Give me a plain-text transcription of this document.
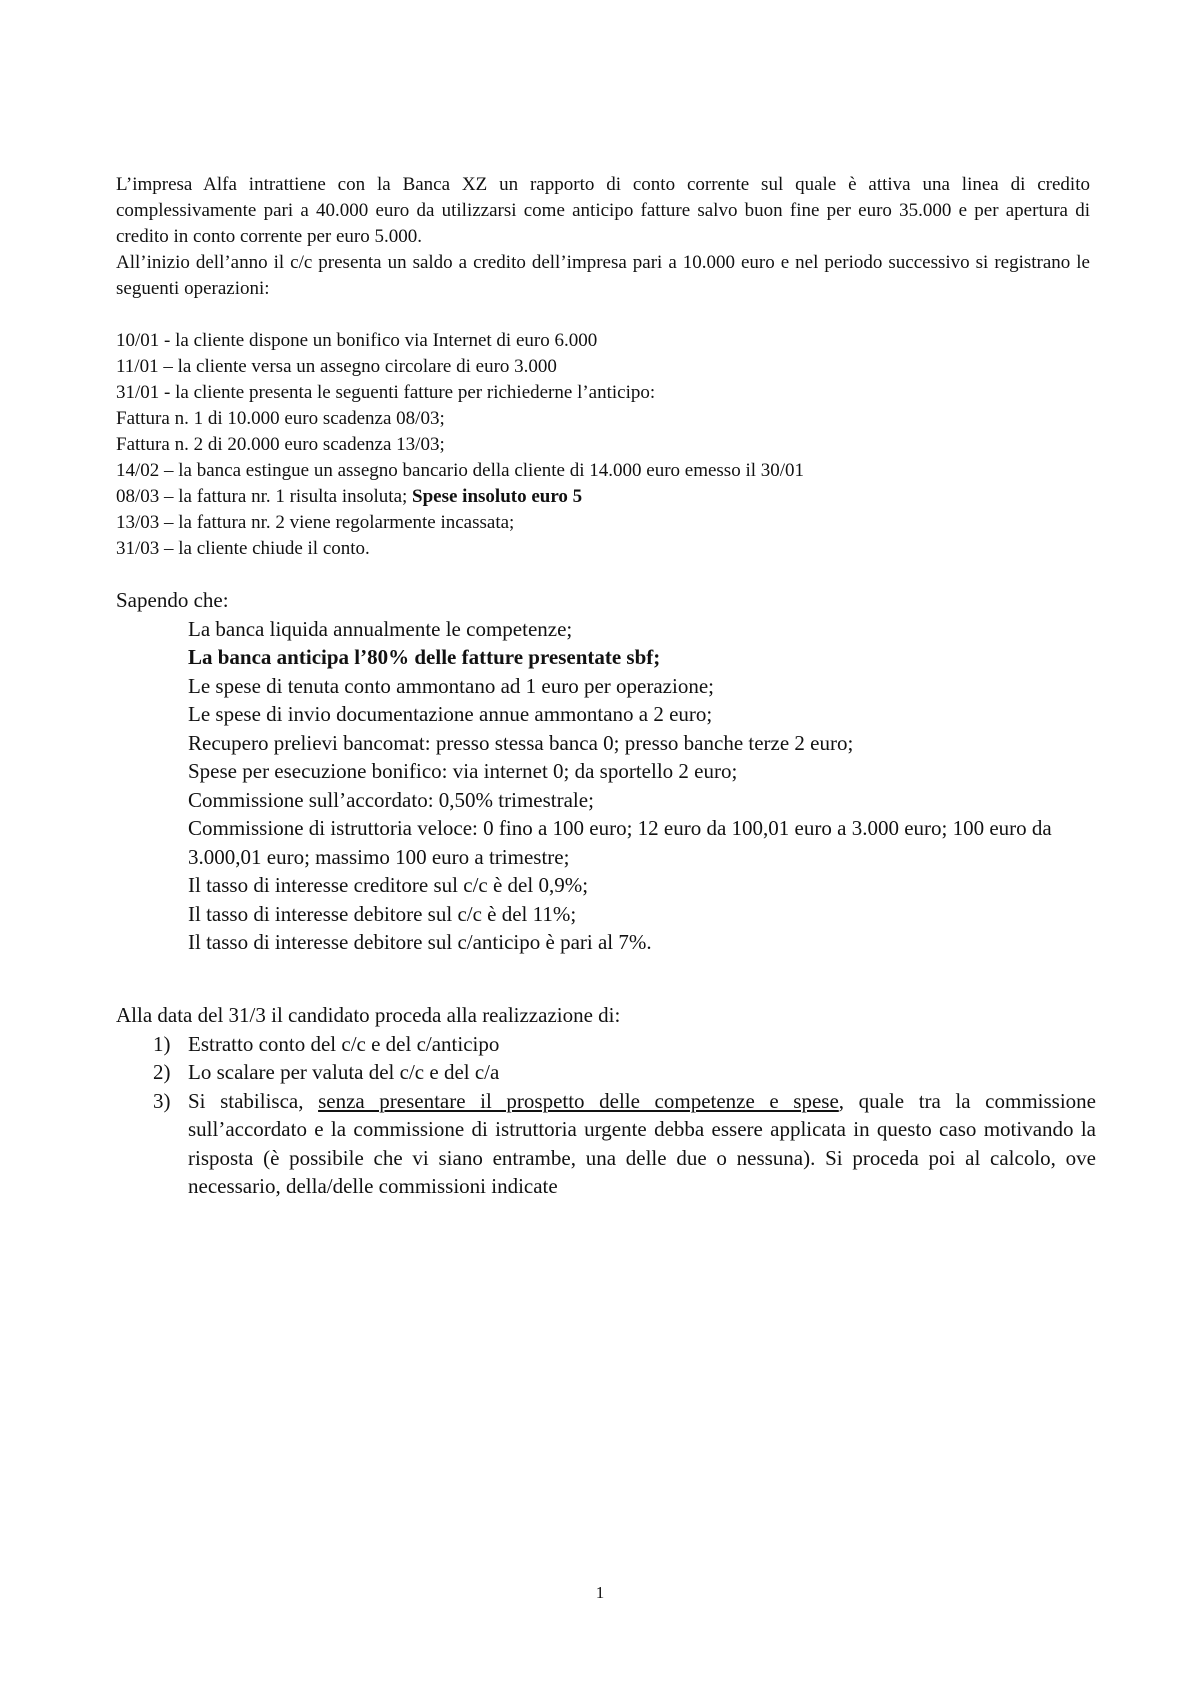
L’impresa Alfa intrattiene con la Banca XZ un rapporto di conto corrente sul quale è attiva una linea di credito complessivamente pari a 40.000 euro da utilizzarsi come anticipo fatture salvo buon fine per euro 35.000 e per apertura di credito in conto corrente per euro 5.000.

All’inizio dell’anno il c/c presenta un saldo a credito dell’impresa pari a 10.000 euro e nel periodo successivo si registrano le seguenti operazioni:

10/01 - la cliente dispone un bonifico via Internet di euro 6.000
11/01 – la cliente versa un assegno circolare di euro 3.000
31/01 - la cliente presenta le seguenti fatture per richiederne l’anticipo:
Fattura n. 1 di 10.000 euro scadenza 08/03;
Fattura n. 2 di 20.000 euro scadenza 13/03;
14/02 – la banca estingue un assegno bancario della cliente di 14.000 euro emesso il 30/01
08/03 – la fattura nr. 1 risulta insoluta; Spese insoluto euro 5
13/03 – la fattura nr. 2 viene regolarmente incassata;
31/03 – la cliente chiude il conto.

Sapendo che:

La banca liquida annualmente le competenze;
La banca anticipa l’80% delle fatture presentate sbf;
Le spese di tenuta conto ammontano ad 1 euro per operazione;
Le spese di invio documentazione annue ammontano a 2 euro;
Recupero prelievi bancomat: presso stessa banca 0; presso banche terze 2 euro;
Spese per esecuzione bonifico: via internet 0; da sportello 2 euro;
Commissione sull’accordato: 0,50% trimestrale;
Commissione di istruttoria veloce: 0 fino a 100 euro; 12 euro da 100,01 euro a 3.000 euro; 100 euro da 3.000,01 euro; massimo 100 euro a trimestre;
Il tasso di interesse creditore sul c/c è del 0,9%;
Il tasso di interesse debitore sul c/c è del 11%;
Il tasso di interesse debitore sul c/anticipo è pari al 7%.

Alla data del 31/3 il candidato proceda alla realizzazione di:

1) Estratto conto del c/c e del c/anticipo
2) Lo scalare per valuta del c/c e del c/a
3) Si stabilisca, senza presentare il prospetto delle competenze e spese, quale tra la commissione sull’accordato e la commissione di istruttoria urgente debba essere applicata in questo caso motivando la risposta (è possibile che vi siano entrambe, una delle due o nessuna). Si proceda poi al calcolo, ove necessario, della/delle commissioni indicate
1
